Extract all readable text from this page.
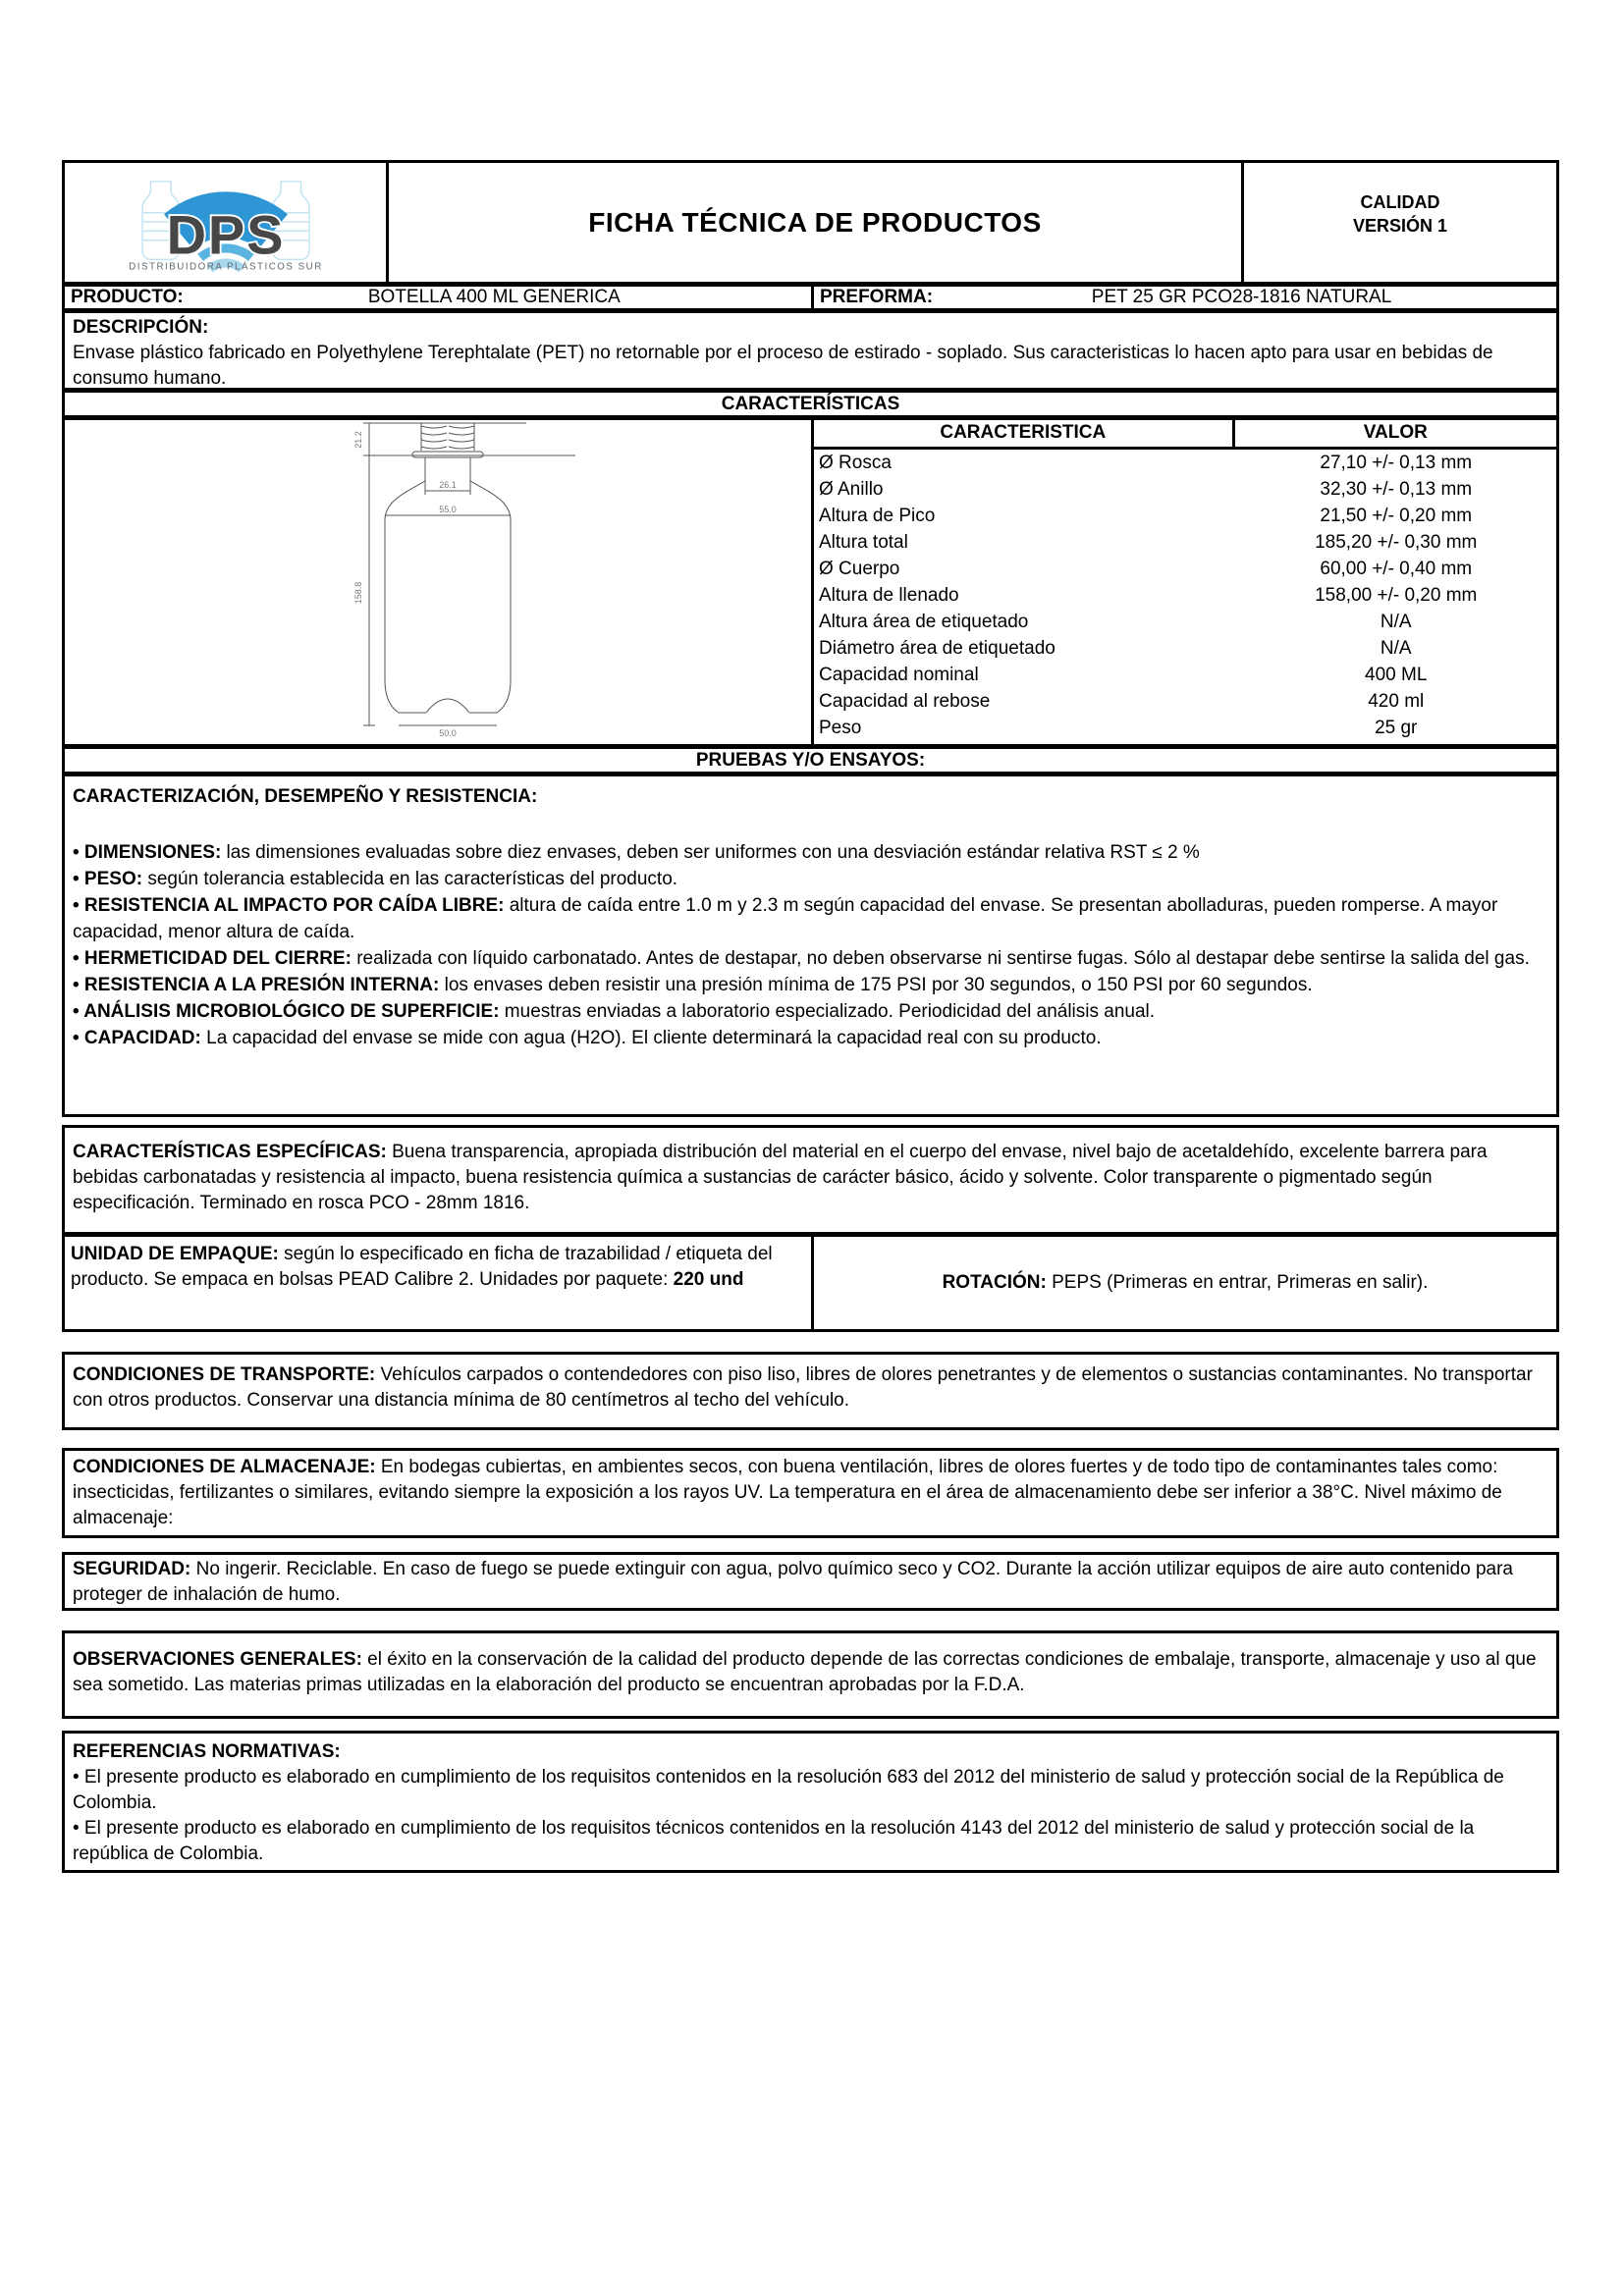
DPS
DISTRIBUIDORA PLÁSTICOS SUR
FICHA TÉCNICA DE PRODUCTOS
CALIDAD
VERSIÓN 1
PRODUCTO:	BOTELLA 400 ML GENERICA	PREFORMA:	PET 25 GR PCO28-1816 NATURAL

DESCRIPCIÓN:

Envase plástico fabricado en Polyethylene Terephtalate (PET) no retornable por el proceso de estirado - soplado. Sus caracteristicas lo hacen apto para usar en bebidas de consumo humano.

CARACTERÍSTICAS
21.2
158.8
26.1
55.0
50.0
CARACTERISTICA	VALOR
Ø Rosca	27,10 +/- 0,13 mm
Ø Anillo	32,30 +/- 0,13 mm
Altura de Pico	21,50 +/- 0,20 mm
Altura total	185,20 +/- 0,30 mm
Ø Cuerpo	60,00 +/- 0,40 mm
Altura de llenado	158,00 +/- 0,20 mm
Altura área de etiquetado	N/A
Diámetro área de etiquetado	N/A
Capacidad nominal	400 ML
Capacidad al rebose	420 ml
Peso	25 gr
PRUEBAS Y/O ENSAYOS:

CARACTERIZACIÓN, DESEMPEÑO Y RESISTENCIA:

• DIMENSIONES: las dimensiones evaluadas sobre diez envases, deben ser uniformes con una desviación estándar relativa RST ≤ 2 %

• PESO: según tolerancia establecida en las características del producto.

• RESISTENCIA AL IMPACTO POR CAÍDA LIBRE: altura de caída entre 1.0 m y 2.3 m según capacidad del envase. Se presentan abolladuras, pueden romperse. A mayor capacidad, menor altura de caída.

• HERMETICIDAD DEL CIERRE: realizada con líquido carbonatado. Antes de destapar, no deben observarse ni sentirse fugas. Sólo al destapar debe sentirse la salida del gas.

• RESISTENCIA A LA PRESIÓN INTERNA: los envases deben resistir una presión mínima de 175 PSI por 30 segundos, o 150 PSI por 60 segundos.

• ANÁLISIS MICROBIOLÓGICO DE SUPERFICIE: muestras enviadas a laboratorio especializado. Periodicidad del análisis anual.

• CAPACIDAD: La capacidad del envase se mide con agua (H2O). El cliente determinará la capacidad real con su producto.

CARACTERÍSTICAS ESPECÍFICAS: Buena transparencia, apropiada distribución del material en el cuerpo del envase, nivel bajo de acetaldehído, excelente barrera para bebidas carbonatadas y resistencia al impacto, buena resistencia química a sustancias de carácter básico, ácido y solvente. Color transparente o pigmentado según especificación. Terminado en rosca PCO - 28mm 1816.

UNIDAD DE EMPAQUE: según lo especificado en ficha de trazabilidad / etiqueta del producto. Se empaca en bolsas PEAD Calibre 2. Unidades por paquete: 220 und	ROTACIÓN: PEPS (Primeras en entrar, Primeras en salir).

CONDICIONES DE TRANSPORTE: Vehículos carpados o contendedores con piso liso, libres de olores penetrantes y de elementos o sustancias contaminantes. No transportar con otros productos. Conservar una distancia mínima de 80 centímetros al techo del vehículo.

CONDICIONES DE ALMACENAJE: En bodegas cubiertas, en ambientes secos, con buena ventilación, libres de olores fuertes y de todo tipo de contaminantes tales como: insecticidas, fertilizantes o similares, evitando siempre la exposición a los rayos UV. La temperatura en el área de almacenamiento debe ser inferior a 38°C. Nivel máximo de almacenaje:

SEGURIDAD: No ingerir. Reciclable. En caso de fuego se puede extinguir con agua, polvo químico seco y CO2. Durante la acción utilizar equipos de aire auto contenido para proteger de inhalación de humo.

OBSERVACIONES GENERALES: el éxito en la conservación de la calidad del producto depende de las correctas condiciones de embalaje, transporte, almacenaje y uso al que sea sometido. Las materias primas utilizadas en la elaboración del producto se encuentran aprobadas por la F.D.A.

REFERENCIAS NORMATIVAS:

• El presente producto es elaborado en cumplimiento de los requisitos contenidos en la resolución 683 del 2012 del ministerio de salud y protección social de la República de Colombia.

• El presente producto es elaborado en cumplimiento de los requisitos técnicos contenidos en la resolución 4143 del 2012 del ministerio de salud y protección social de la república de Colombia.
